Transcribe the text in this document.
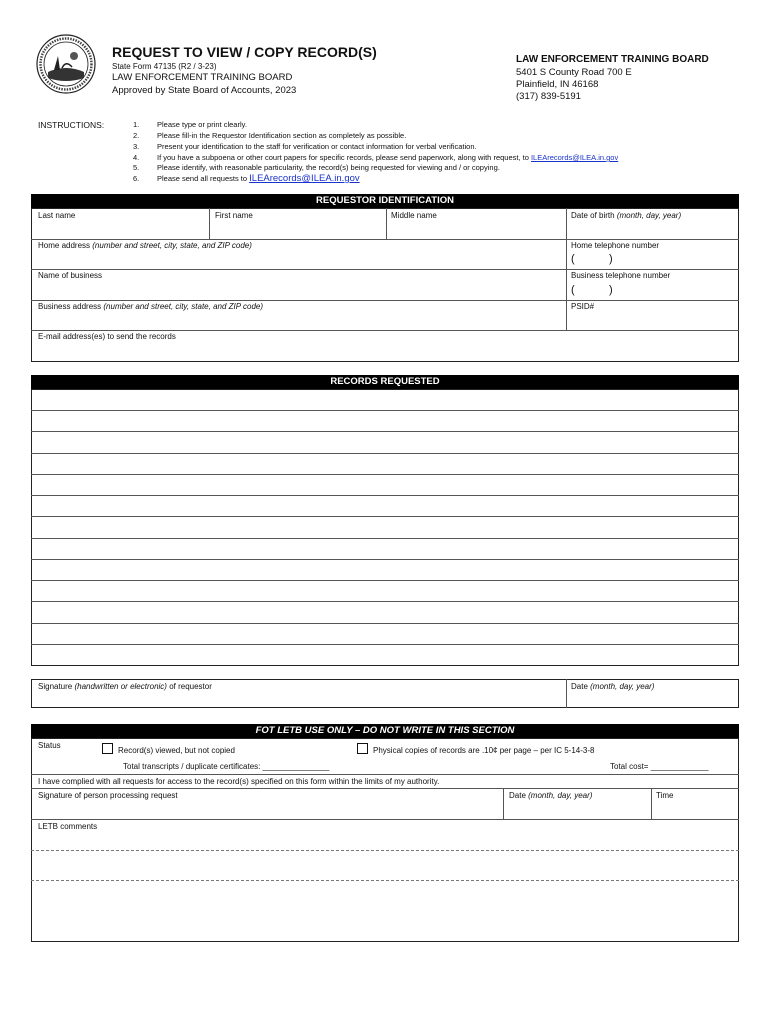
REQUEST TO VIEW / COPY RECORD(S)
State Form 47135 (R2 / 3-23)
LAW ENFORCEMENT TRAINING BOARD
Approved by State Board of Accounts, 2023
LAW ENFORCEMENT TRAINING BOARD
5401 S County Road 700 E
Plainfield, IN 46168
(317) 839-5191
INSTRUCTIONS:	1. Please type or print clearly.
2. Please fill-in the Requestor Identification section as completely as possible.
3. Present your identification to the staff for verification or contact information for verbal verification.
4. If you have a subpoena or other court papers for specific records, please send paperwork, along with request, to ILEArecords@ILEA.in.gov
5. Please identify, with reasonable particularity, the record(s) being requested for viewing and / or copying.
6. Please send all requests to ILEArecords@ILEA.in.gov
REQUESTOR IDENTIFICATION
Last name	First name	Middle name	Date of birth (month, day, year)
Home address (number and street, city, state, and ZIP code)	Home telephone number
(	)
Name of business	Business telephone number
(	)
Business address (number and street, city, state, and ZIP code)	PSID#
E-mail address(es) to send the records
RECORDS REQUESTED
Signature (handwritten or electronic) of requestor	Date (month, day, year)
FOT LETB USE ONLY – DO NOT WRITE IN THIS SECTION
Status
Record(s) viewed, but not copied	Physical copies of records are .10¢ per page – per IC 5-14-3-8
Total transcripts / duplicate certificates: _______________	Total cost= _____________
I have complied with all requests for access to the record(s) specified on this form within the limits of my authority.
Signature of person processing request	Date (month, day, year)	Time
LETB comments
